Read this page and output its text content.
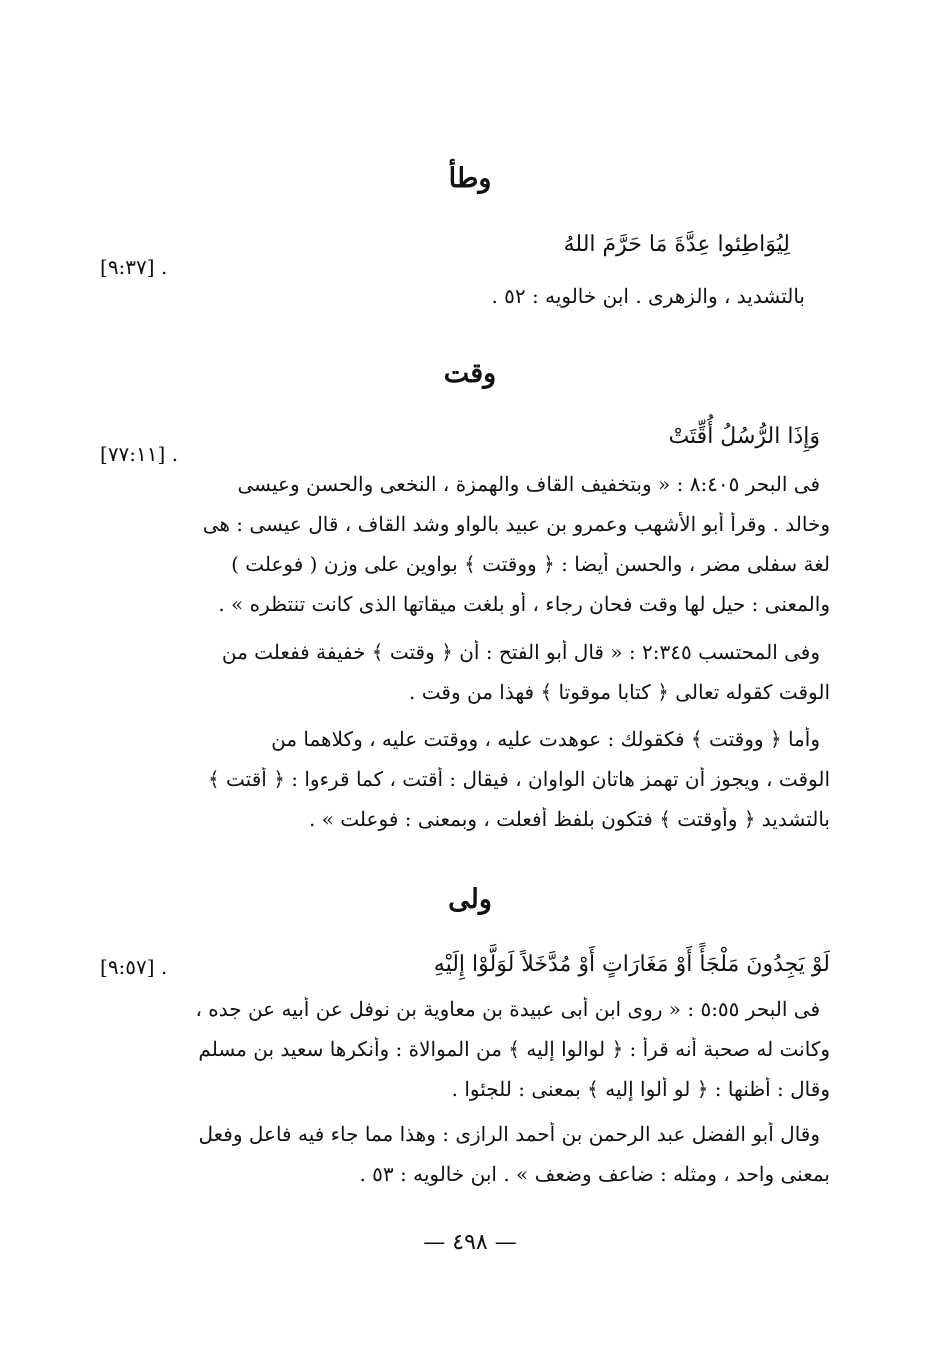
وطأ
لِيُوَاطِئوا عِدَّةَ مَا حَرَّمَ اللهُ
[٩:٣٧] .
بالتشديد ، والزهرى . ابن خالويه : ٥٢ .
وقت
وَإِذَا الرُّسُلُ أُقِّتَتْ
[٧٧:١١] .
فى البحر ٨:٤٠٥ : « وبتخفيف القاف والهمزة ، النخعى والحسن وعيسى
وخالد . وقرأ أبو الأشهب وعمرو بن عبيد بالواو وشد القاف ، قال عيسى : هى
لغة سفلى مضر ، والحسن أيضا : ﴿ ووقتت ﴾ بواوين على وزن ( فوعلت )
والمعنى : حيل لها وقت فحان رجاء ، أو بلغت ميقاتها الذى كانت تنتظره » .
وفى المحتسب ٢:٣٤٥ : « قال أبو الفتح : أن ﴿ وقتت ﴾ خفيفة ففعلت من
الوقت كقوله تعالى ﴿ كتابا موقوتا ﴾ فهذا من وقت .
وأما ﴿ ووقتت ﴾ فكقولك : عوهدت عليه ، ووقتت عليه ، وكلاهما من
الوقت ، ويجوز أن تهمز هاتان الواوان ، فيقال : أقتت ، كما قرءوا : ﴿ أقتت ﴾
بالتشديد ﴿ وأوقتت ﴾ فتكون بلفظ أفعلت ، وبمعنى : فوعلت » .
ولى
لَوْ يَجِدُونَ مَلْجَأً أَوْ مَغَارَاتٍ أَوْ مُدَّخَلاً لَوَلَّوْا إِلَيْهِ
[٩:٥٧] .
فى البحر ٥:٥٥ : « روى ابن أبى عبيدة بن معاوية بن نوفل عن أبيه عن جده ،
وكانت له صحبة أنه قرأ : ﴿ لوالوا إليه ﴾ من الموالاة : وأنكرها سعيد بن مسلم
وقال : أظنها : ﴿ لو ألوا إليه ﴾ بمعنى : للجئوا .
وقال أبو الفضل عبد الرحمن بن أحمد الرازى : وهذا مما جاء فيه فاعل وفعل
بمعنى واحد ، ومثله : ضاعف وضعف » . ابن خالويه : ٥٣ .
— ٤٩٨ —
